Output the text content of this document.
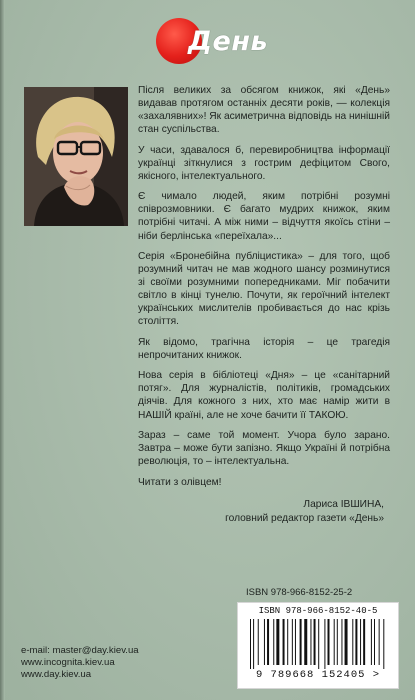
День

Після великих за обсягом книжок, які «День» видавав протягом останніх десяти років, — колекція «захалявних»! Як асиметрична відповідь на нинішній стан суспільства.

У часи, здавалося б, перевиробництва інформації українці зіткнулися з гострим дефіцитом Свого, якісного, інтелектуального.

Є чимало людей, яким потрібні розумні співрозмовники. Є багато мудрих книжок, яким потрібні читачі. А між ними – відчуття якоїсь стіни – ніби берлінська «переїхала»...

Серія «Бронебійна публіцистика» – для того, щоб розумний читач не мав жодного шансу розминутися зі своїми розумними попередниками. Міг побачити світло в кінці тунелю. Почути, як героїчний інтелект українських мислителів пробивається до нас крізь століття.

Як відомо, трагічна історія – це трагедія непрочитаних книжок.

Нова серія в бібліотеці «Дня» – це «санітарний потяг». Для журналістів, політиків, громадських діячів. Для кожного з них, хто має намір жити в НАШІЙ країні, але не хоче бачити її ТАКОЮ.

Зараз – саме той момент. Учора було зарано. Завтра – може бути запізно. Якщо Україні й потрібна революція, то – інтелектуальна.

Читати з олівцем!

Лариса ІВШИНА,
головний редактор газети «День»
ISBN 978-966-8152-25-2
ISBN 978-966-8152-40-5
9 789668 152405 >
e-mail: master@day.kiev.ua
www.incognita.kiev.ua
www.day.kiev.ua
